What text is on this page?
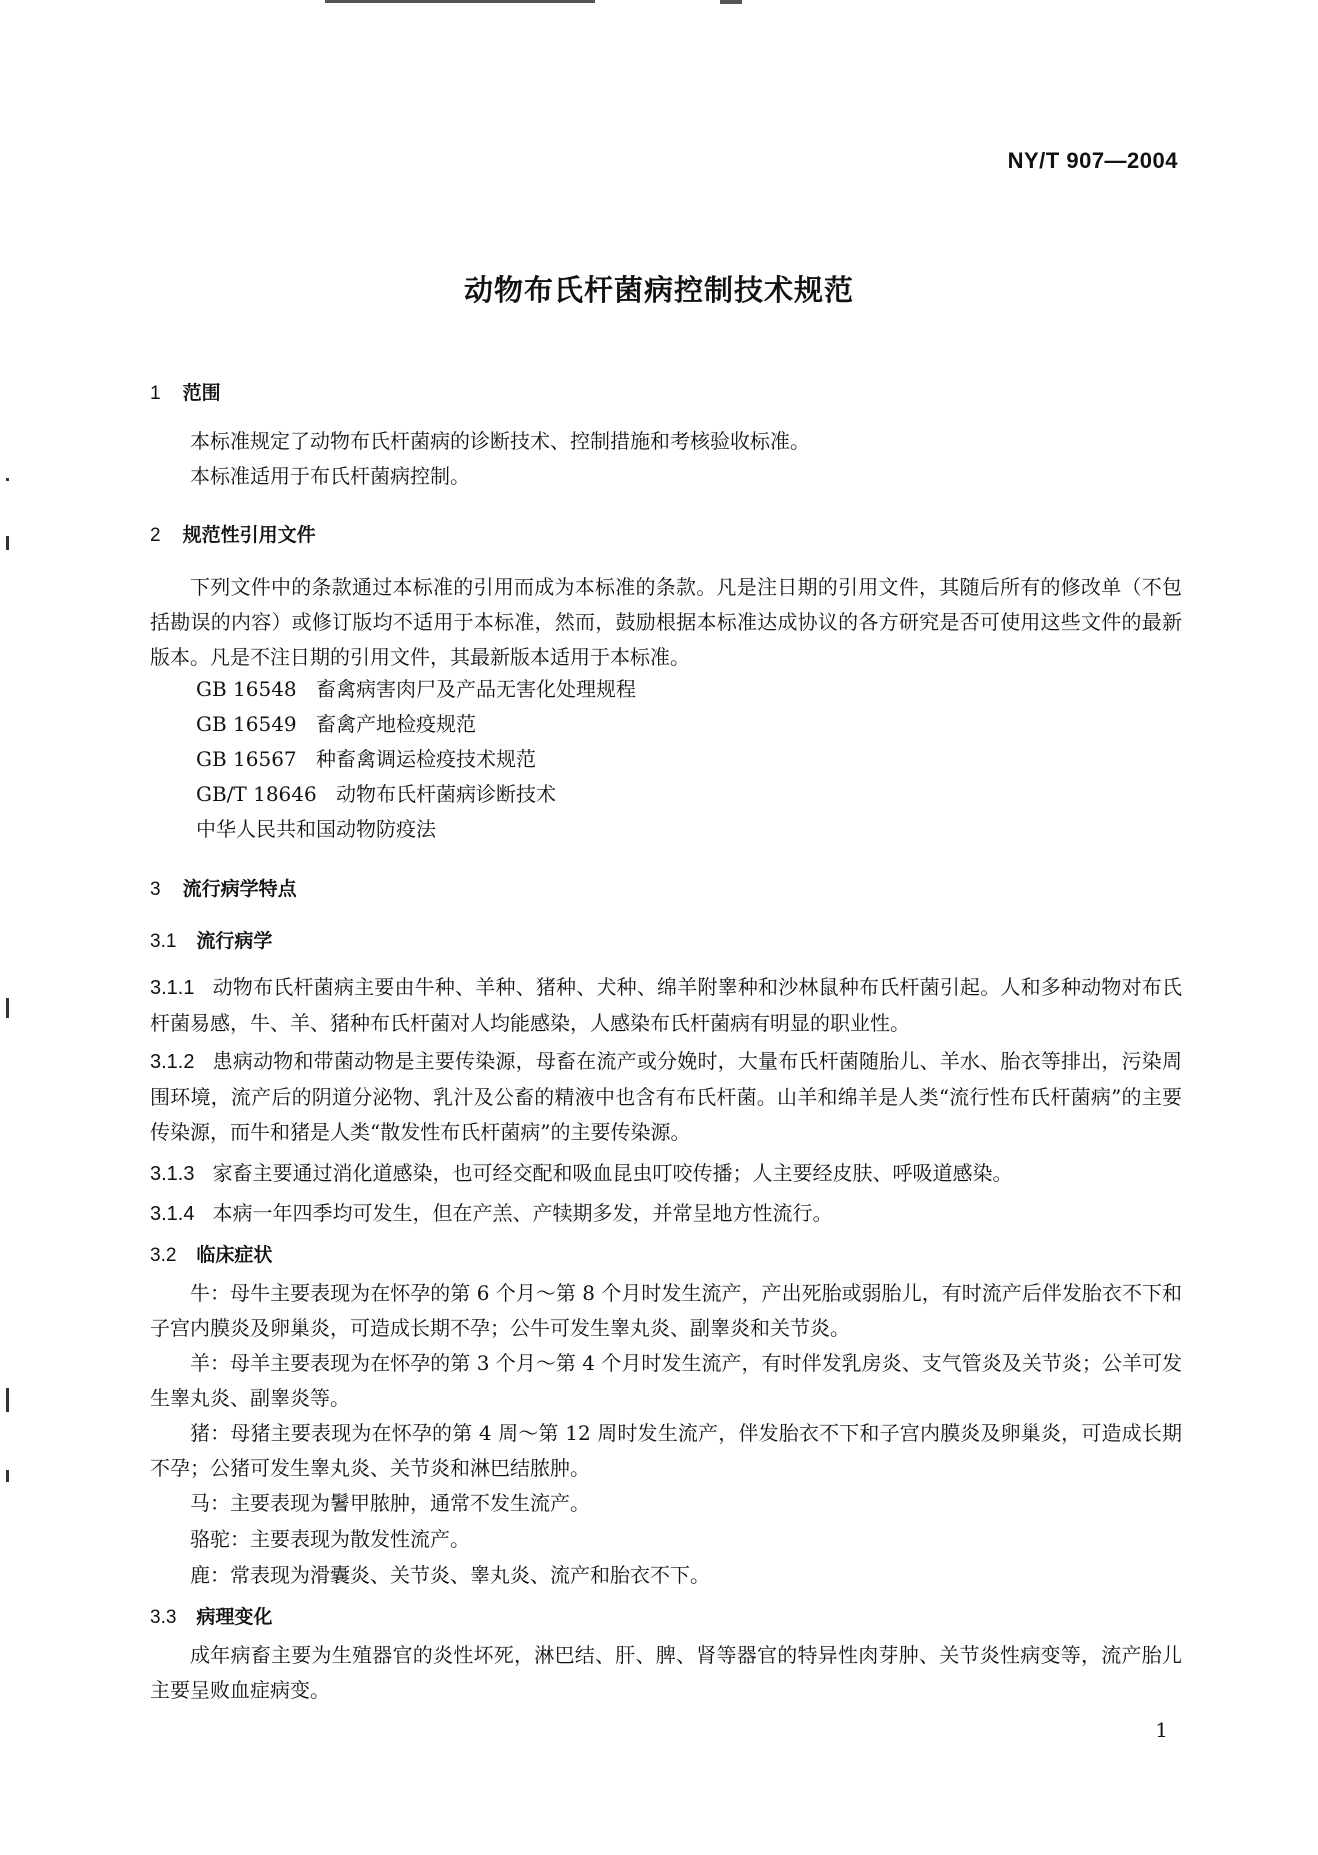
NY/T 907—2004
动物布氏杆菌病控制技术规范
1 范围
本标准规定了动物布氏杆菌病的诊断技术、控制措施和考核验收标准。
本标准适用于布氏杆菌病控制。
2 规范性引用文件
下列文件中的条款通过本标准的引用而成为本标准的条款。凡是注日期的引用文件，其随后所有的修改单（不包括勘误的内容）或修订版均不适用于本标准，然而，鼓励根据本标准达成协议的各方研究是否可使用这些文件的最新版本。凡是不注日期的引用文件，其最新版本适用于本标准。
GB 16548 畜禽病害肉尸及产品无害化处理规程
GB 16549 畜禽产地检疫规范
GB 16567 种畜禽调运检疫技术规范
GB/T 18646 动物布氏杆菌病诊断技术
中华人民共和国动物防疫法
3 流行病学特点
3.1 流行病学
3.1.1 动物布氏杆菌病主要由牛种、羊种、猪种、犬种、绵羊附睾种和沙林鼠种布氏杆菌引起。人和多种动物对布氏杆菌易感，牛、羊、猪种布氏杆菌对人均能感染，人感染布氏杆菌病有明显的职业性。
3.1.2 患病动物和带菌动物是主要传染源，母畜在流产或分娩时，大量布氏杆菌随胎儿、羊水、胎衣等排出，污染周围环境，流产后的阴道分泌物、乳汁及公畜的精液中也含有布氏杆菌。山羊和绵羊是人类“流行性布氏杆菌病”的主要传染源，而牛和猪是人类“散发性布氏杆菌病”的主要传染源。
3.1.3 家畜主要通过消化道感染，也可经交配和吸血昆虫叮咬传播；人主要经皮肤、呼吸道感染。
3.1.4 本病一年四季均可发生，但在产羔、产犊期多发，并常呈地方性流行。
3.2 临床症状
牛：母牛主要表现为在怀孕的第 6 个月～第 8 个月时发生流产，产出死胎或弱胎儿，有时流产后伴发胎衣不下和子宫内膜炎及卵巢炎，可造成长期不孕；公牛可发生睾丸炎、副睾炎和关节炎。
羊：母羊主要表现为在怀孕的第 3 个月～第 4 个月时发生流产，有时伴发乳房炎、支气管炎及关节炎；公羊可发生睾丸炎、副睾炎等。
猪：母猪主要表现为在怀孕的第 4 周～第 12 周时发生流产，伴发胎衣不下和子宫内膜炎及卵巢炎，可造成长期不孕；公猪可发生睾丸炎、关节炎和淋巴结脓肿。
马：主要表现为鬐甲脓肿，通常不发生流产。
骆驼：主要表现为散发性流产。
鹿：常表现为滑囊炎、关节炎、睾丸炎、流产和胎衣不下。
3.3 病理变化
成年病畜主要为生殖器官的炎性坏死，淋巴结、肝、脾、肾等器官的特异性肉芽肿、关节炎性病变等，流产胎儿主要呈败血症病变。
1
